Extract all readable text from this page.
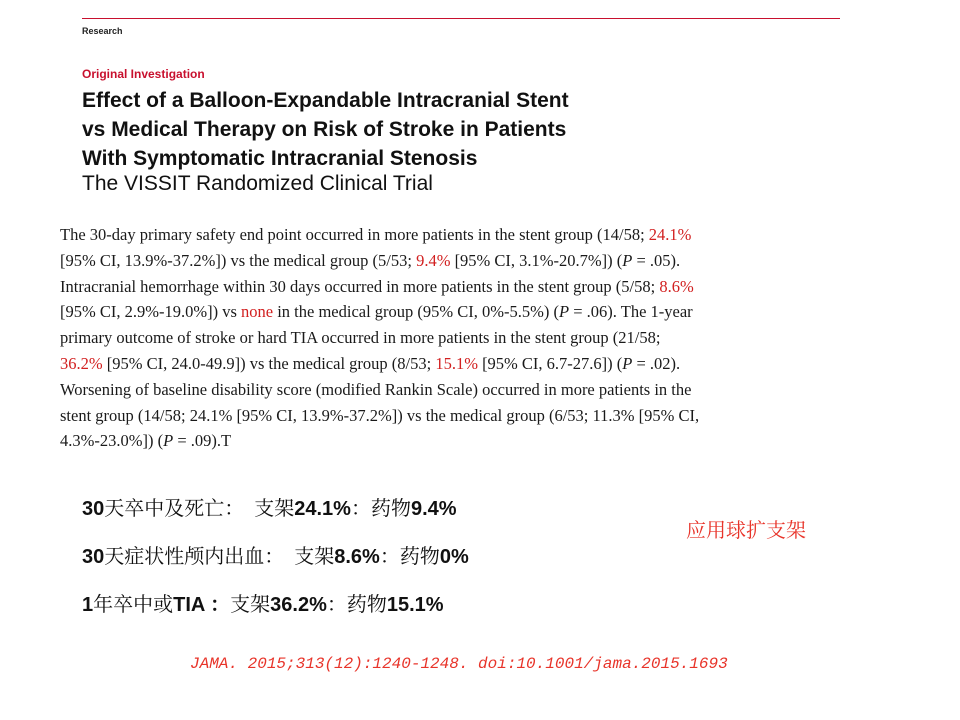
Research
Original Investigation
Effect of a Balloon-Expandable Intracranial Stent
vs Medical Therapy on Risk of Stroke in Patients
With Symptomatic Intracranial Stenosis
The VISSIT Randomized Clinical Trial
The 30-day primary safety end point occurred in more patients in the stent group (14/58; 24.1%
[95% CI, 13.9%-37.2%]) vs the medical group (5/53; 9.4% [95% CI, 3.1%-20.7%]) (P = .05).
Intracranial hemorrhage within 30 days occurred in more patients in the stent group (5/58; 8.6%
[95% CI, 2.9%-19.0%]) vs none in the medical group (95% CI, 0%-5.5%) (P = .06). The 1-year
primary outcome of stroke or hard TIA occurred in more patients in the stent group (21/58;
36.2% [95% CI, 24.0-49.9]) vs the medical group (8/53; 15.1% [95% CI, 6.7-27.6]) (P = .02).
Worsening of baseline disability score (modified Rankin Scale) occurred in more patients in the
stent group (14/58; 24.1% [95% CI, 13.9%-37.2%]) vs the medical group (6/53; 11.3% [95% CI,
4.3%-23.0%]) (P = .09).T
30天卒中及死亡：　支架24.1%：药物9.4%
30天症状性颅内出血：　支架8.6%：药物0%
1年卒中或TIA ：支架36.2%：药物15.1%
应用球扩支架
JAMA. 2015;313(12):1240-1248. doi:10.1001/jama.2015.1693
